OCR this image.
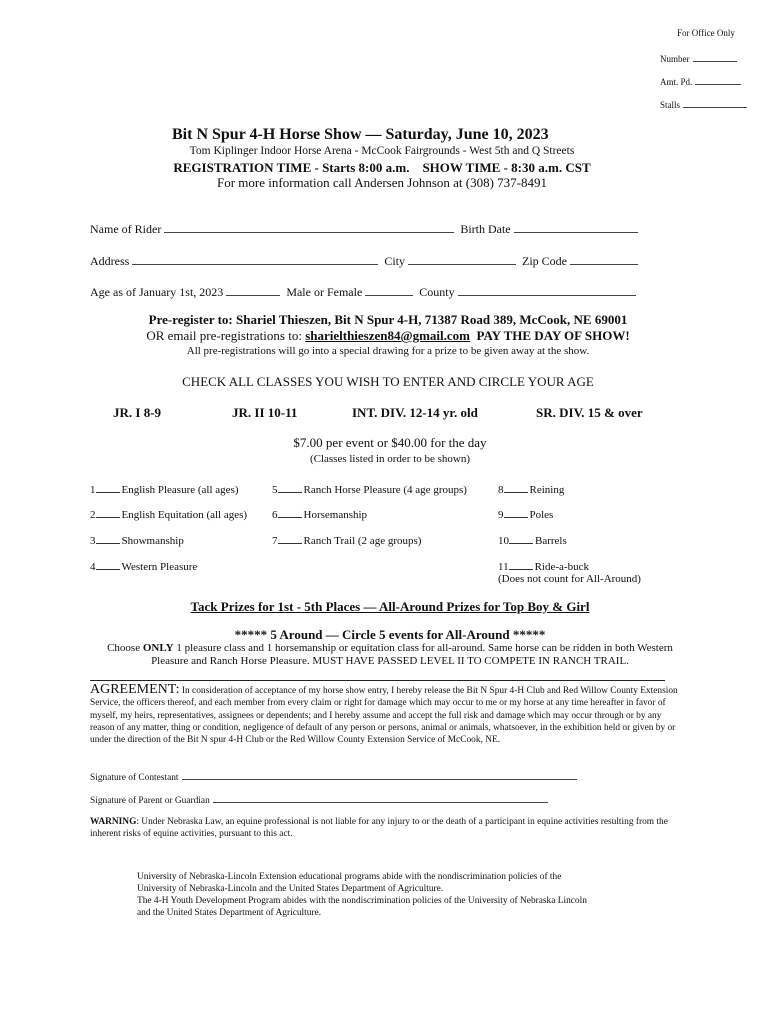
For Office Only
Number
Amt. Pd.
Stalls
Bit N Spur 4-H Horse Show — Saturday, June 10, 2023
Tom Kiplinger Indoor Horse Arena - McCook Fairgrounds - West 5th and Q Streets
REGISTRATION TIME - Starts 8:00 a.m.    SHOW TIME - 8:30 a.m. CST
For more information call Andersen Johnson at (308) 737-8491
Name of Rider	Birth Date
Address	City	Zip Code
Age as of January 1st, 2023	Male or Female	County
Pre-register to: Shariel Thieszen, Bit N Spur 4-H, 71387 Road 389, McCook, NE 69001
OR email pre-registrations to: sharielthieszen84@gmail.com PAY THE DAY OF SHOW!
All pre-registrations will go into a special drawing for a prize to be given away at the show.
CHECK ALL CLASSES YOU WISH TO ENTER AND CIRCLE YOUR AGE
JR. I 8-9	JR. II 10-11	INT. DIV. 12-14 yr. old	SR. DIV. 15 & over
$7.00 per event or $40.00 for the day
(Classes listed in order to be shown)
1 English Pleasure (all ages)
2 English Equitation (all ages)
3 Showmanship
4 Western Pleasure
5 Ranch Horse Pleasure (4 age groups)
6 Horsemanship
7 Ranch Trail (2 age groups)
8 Reining
9 Poles
10 Barrels
11 Ride-a-buck
(Does not count for All-Around)
Tack Prizes for 1st - 5th Places — All-Around Prizes for Top Boy & Girl
***** 5 Around — Circle 5 events for All-Around *****
Choose ONLY 1 pleasure class and 1 horsemanship or equitation class for all-around. Same horse can be ridden in both Western
Pleasure and Ranch Horse Pleasure. MUST HAVE PASSED LEVEL II TO COMPETE IN RANCH TRAIL.
AGREEMENT: In consideration of acceptance of my horse show entry, I hereby release the Bit N Spur 4-H Club and Red Willow County Extension Service, the officers thereof, and each member from every claim or right for damage which may occur to me or my horse at any time hereafter in favor of myself, my heirs, representatives, assignees or dependents; and I hereby assume and accept the full risk and damage which may occur through or by any reason of any matter, thing or condition, negligence of default of any person or persons, animal or animals, whatsoever, in the exhibition held or given by or under the direction of the Bit N spur 4-H Club or the Red Willow County Extension Service of McCook, NE.
Signature of Contestant
Signature of Parent or Guardian
WARNING: Under Nebraska Law, an equine professional is not liable for any injury to or the death of a participant in equine activities resulting from the inherent risks of equine activities, pursuant to this act.
University of Nebraska-Lincoln Extension educational programs abide with the nondiscrimination policies of the
University of Nebraska-Lincoln and the United States Department of Agriculture.
The 4-H Youth Development Program abides with the nondiscrimination policies of the University of Nebraska Lincoln
and the United States Department of Agriculture.
